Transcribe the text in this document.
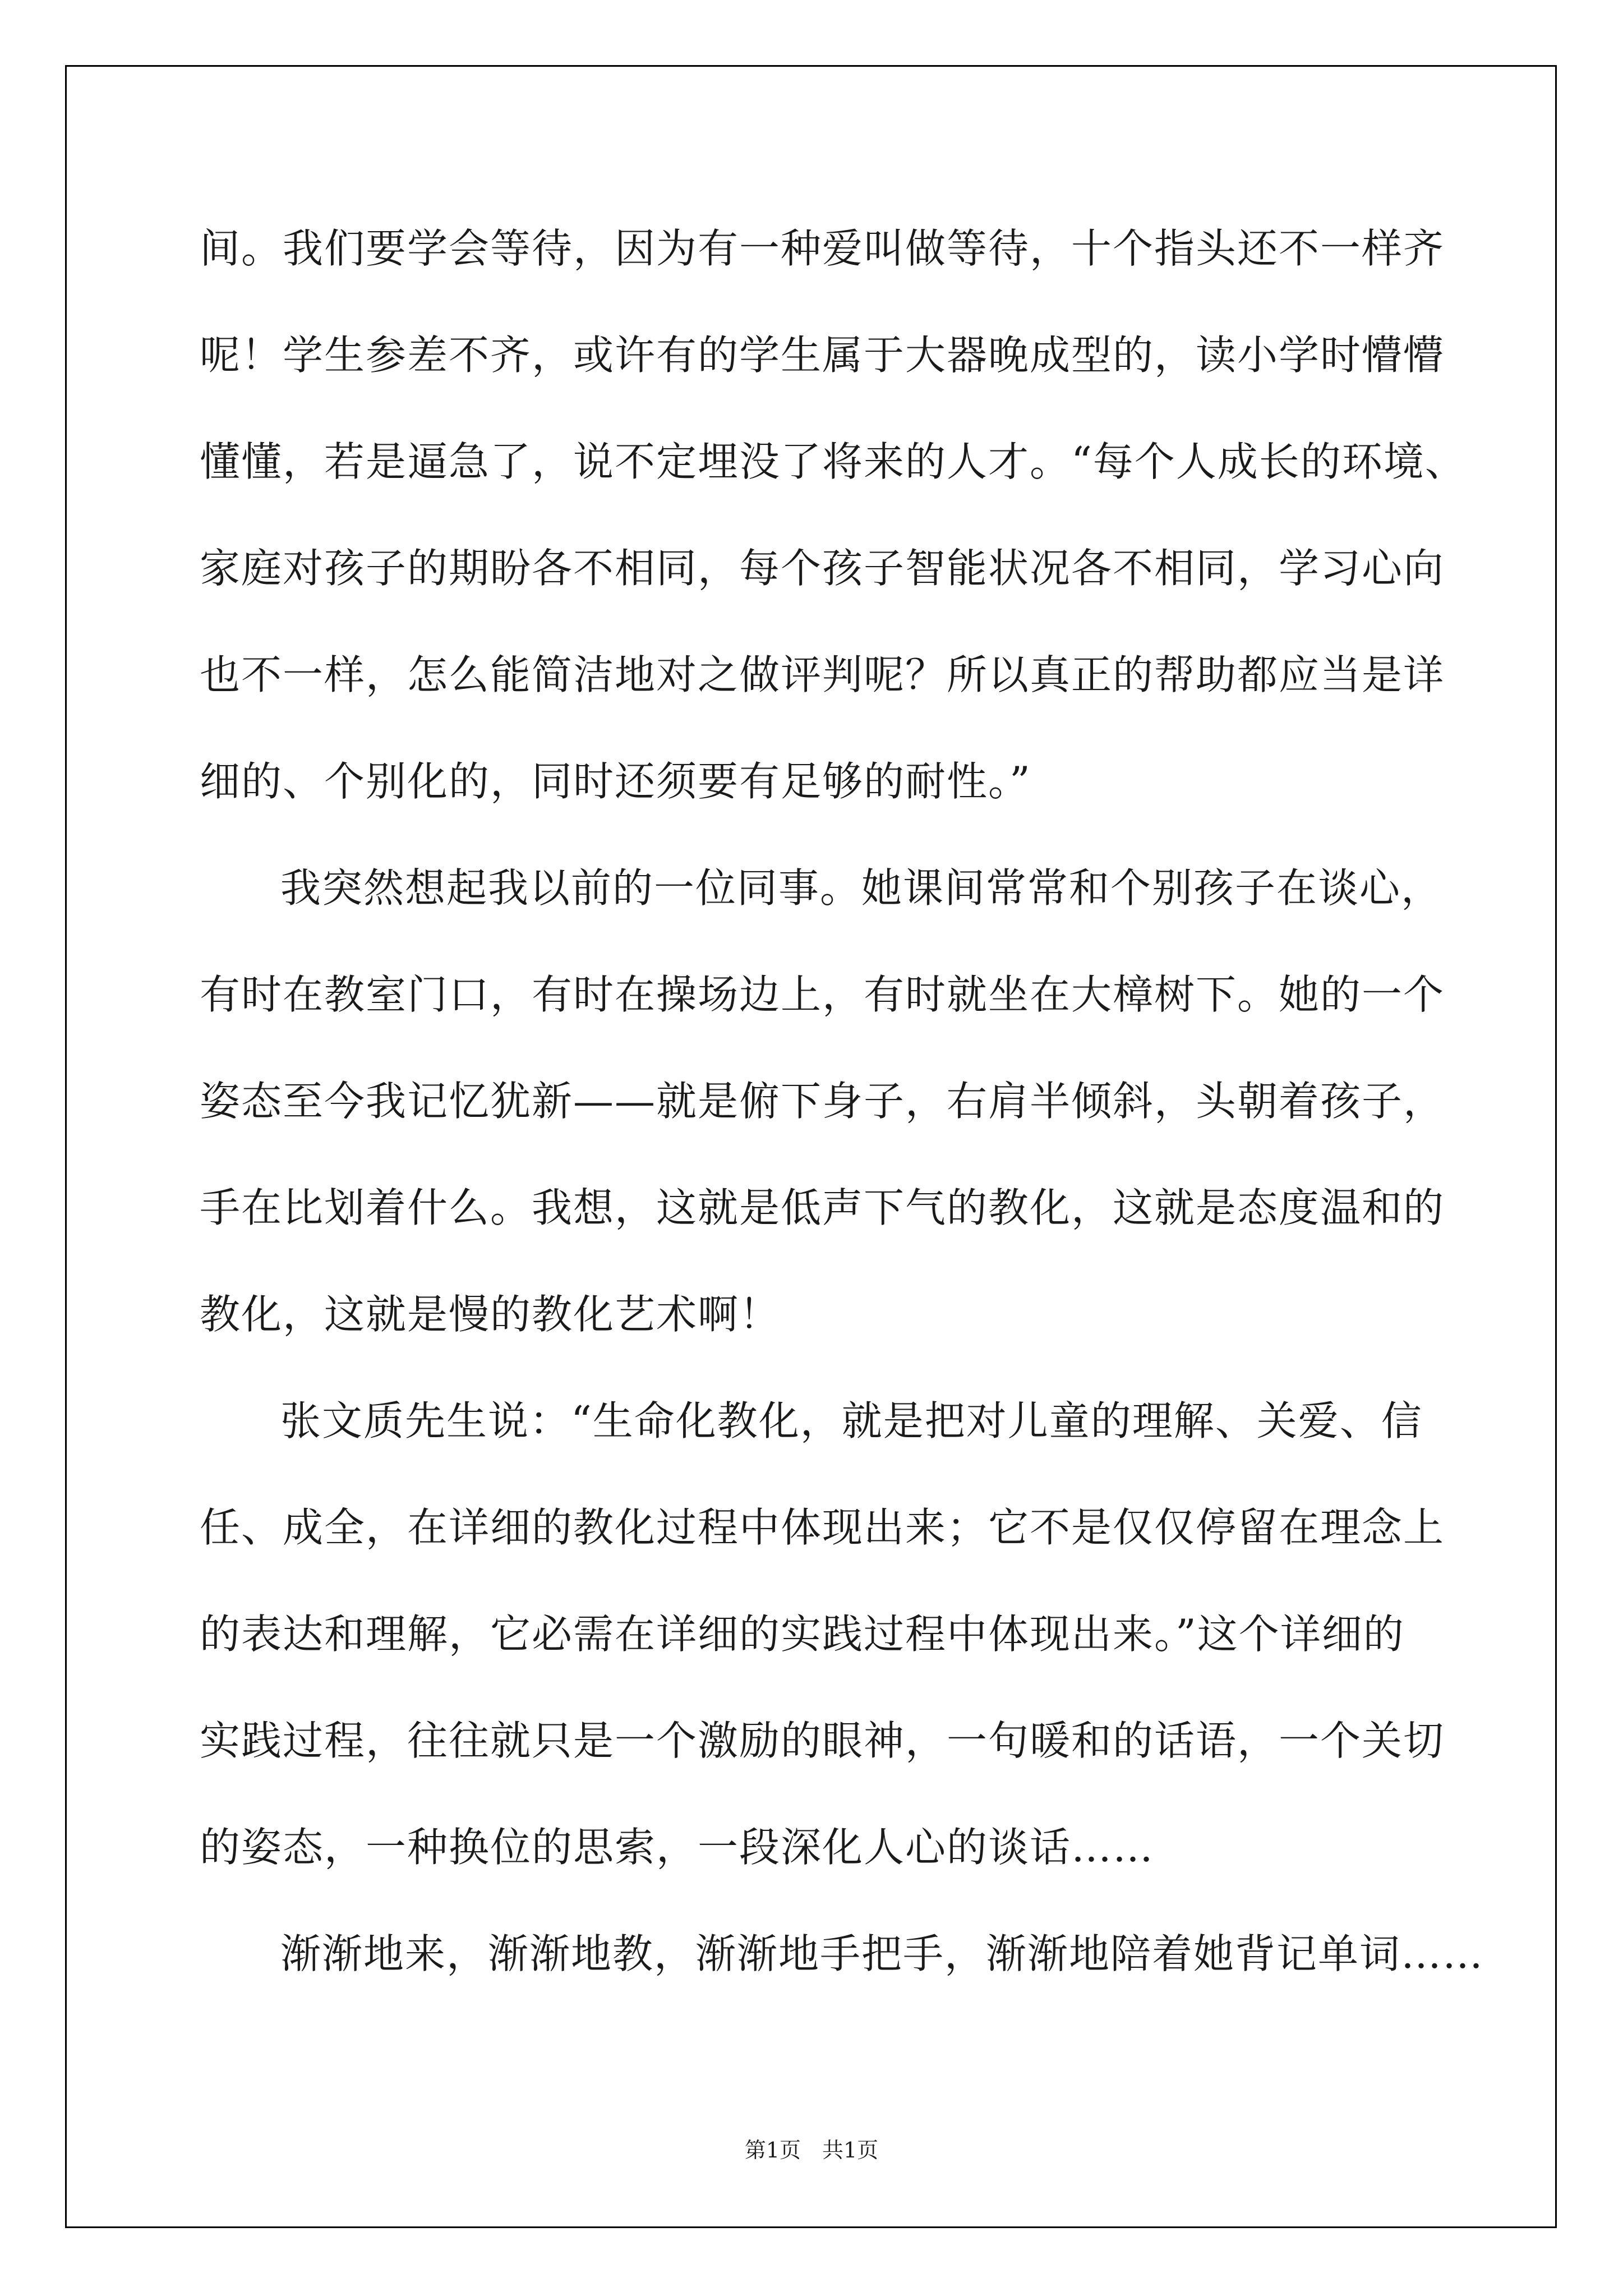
间。我们要学会等待，因为有一种爱叫做等待，十个指头还不一样齐
呢！学生参差不齐，或许有的学生属于大器晚成型的，读小学时懵懵
懂懂，若是逼急了，说不定埋没了将来的人才。“每个人成长的环境、
家庭对孩子的期盼各不相同，每个孩子智能状况各不相同，学习心向
也不一样，怎么能简洁地对之做评判呢？所以真正的帮助都应当是详
细的、个别化的，同时还须要有足够的耐性。”
我突然想起我以前的一位同事。她课间常常和个别孩子在谈心，
有时在教室门口，有时在操场边上，有时就坐在大樟树下。她的一个
姿态至今我记忆犹新——就是俯下身子，右肩半倾斜，头朝着孩子，
手在比划着什么。我想，这就是低声下气的教化，这就是态度温和的
教化，这就是慢的教化艺术啊！
张文质先生说：“生命化教化，就是把对儿童的理解、关爱、信
任、成全，在详细的教化过程中体现出来；它不是仅仅停留在理念上
的表达和理解，它必需在详细的实践过程中体现出来。”这个详细的
实践过程，往往就只是一个激励的眼神，一句暖和的话语，一个关切
的姿态，一种换位的思索，一段深化人心的谈话……
渐渐地来，渐渐地教，渐渐地手把手，渐渐地陪着她背记单词……
第1页　共1页
